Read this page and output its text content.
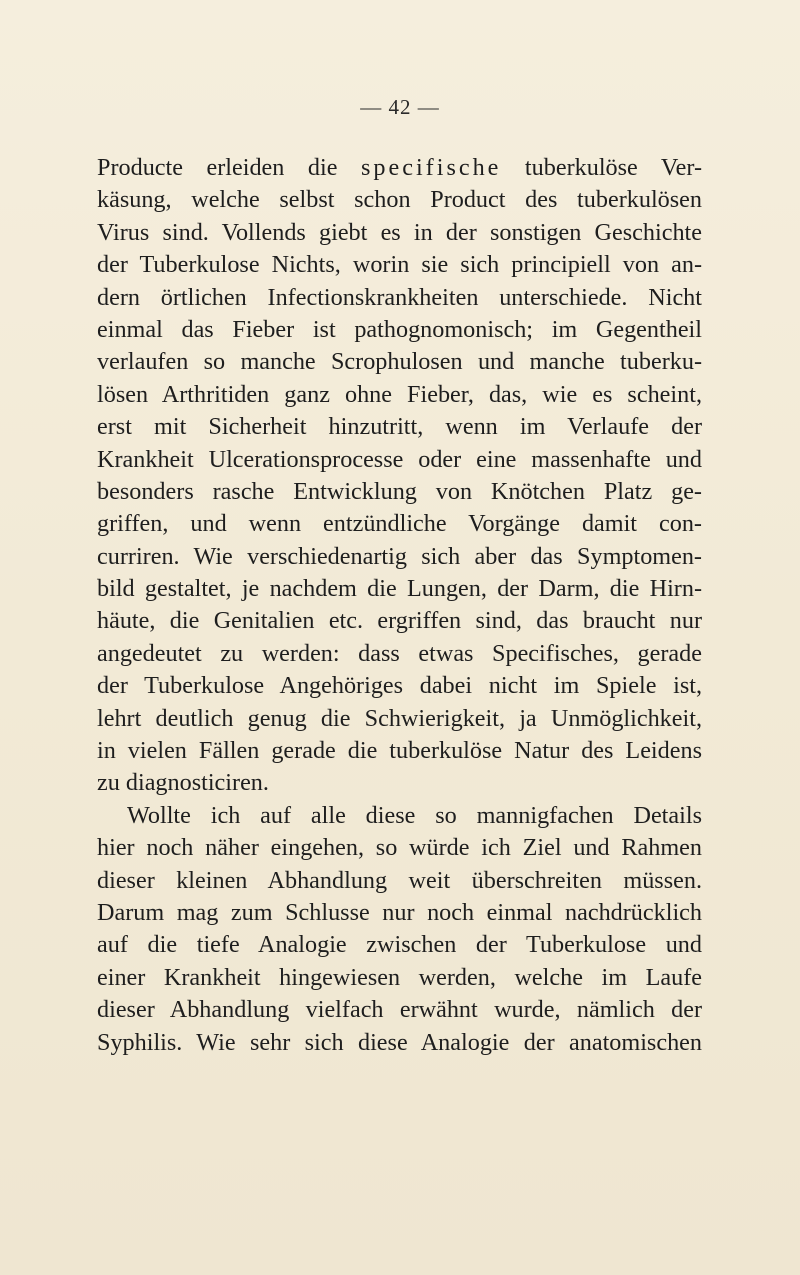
— 42 —
Producte erleiden die specifische tuberkulöse Ver-
käsung, welche selbst schon Product des tuberkulösen
Virus sind. Vollends giebt es in der sonstigen Geschichte
der Tuberkulose Nichts, worin sie sich principiell von an-
dern örtlichen Infectionskrankheiten unterschiede. Nicht
einmal das Fieber ist pathognomonisch; im Gegentheil
verlaufen so manche Scrophulosen und manche tuberku-
lösen Arthritiden ganz ohne Fieber, das, wie es scheint,
erst mit Sicherheit hinzutritt, wenn im Verlaufe der
Krankheit Ulcerationsprocesse oder eine massenhafte und
besonders rasche Entwicklung von Knötchen Platz ge-
griffen, und wenn entzündliche Vorgänge damit con-
curriren. Wie verschiedenartig sich aber das Symptomen-
bild gestaltet, je nachdem die Lungen, der Darm, die Hirn-
häute, die Genitalien etc. ergriffen sind, das braucht nur
angedeutet zu werden: dass etwas Specifisches, gerade
der Tuberkulose Angehöriges dabei nicht im Spiele ist,
lehrt deutlich genug die Schwierigkeit, ja Unmöglichkeit,
in vielen Fällen gerade die tuberkulöse Natur des Leidens
zu diagnosticiren.
Wollte ich auf alle diese so mannigfachen Details
hier noch näher eingehen, so würde ich Ziel und Rahmen
dieser kleinen Abhandlung weit überschreiten müssen.
Darum mag zum Schlusse nur noch einmal nachdrücklich
auf die tiefe Analogie zwischen der Tuberkulose und
einer Krankheit hingewiesen werden, welche im Laufe
dieser Abhandlung vielfach erwähnt wurde, nämlich der
Syphilis. Wie sehr sich diese Analogie der anatomischen
